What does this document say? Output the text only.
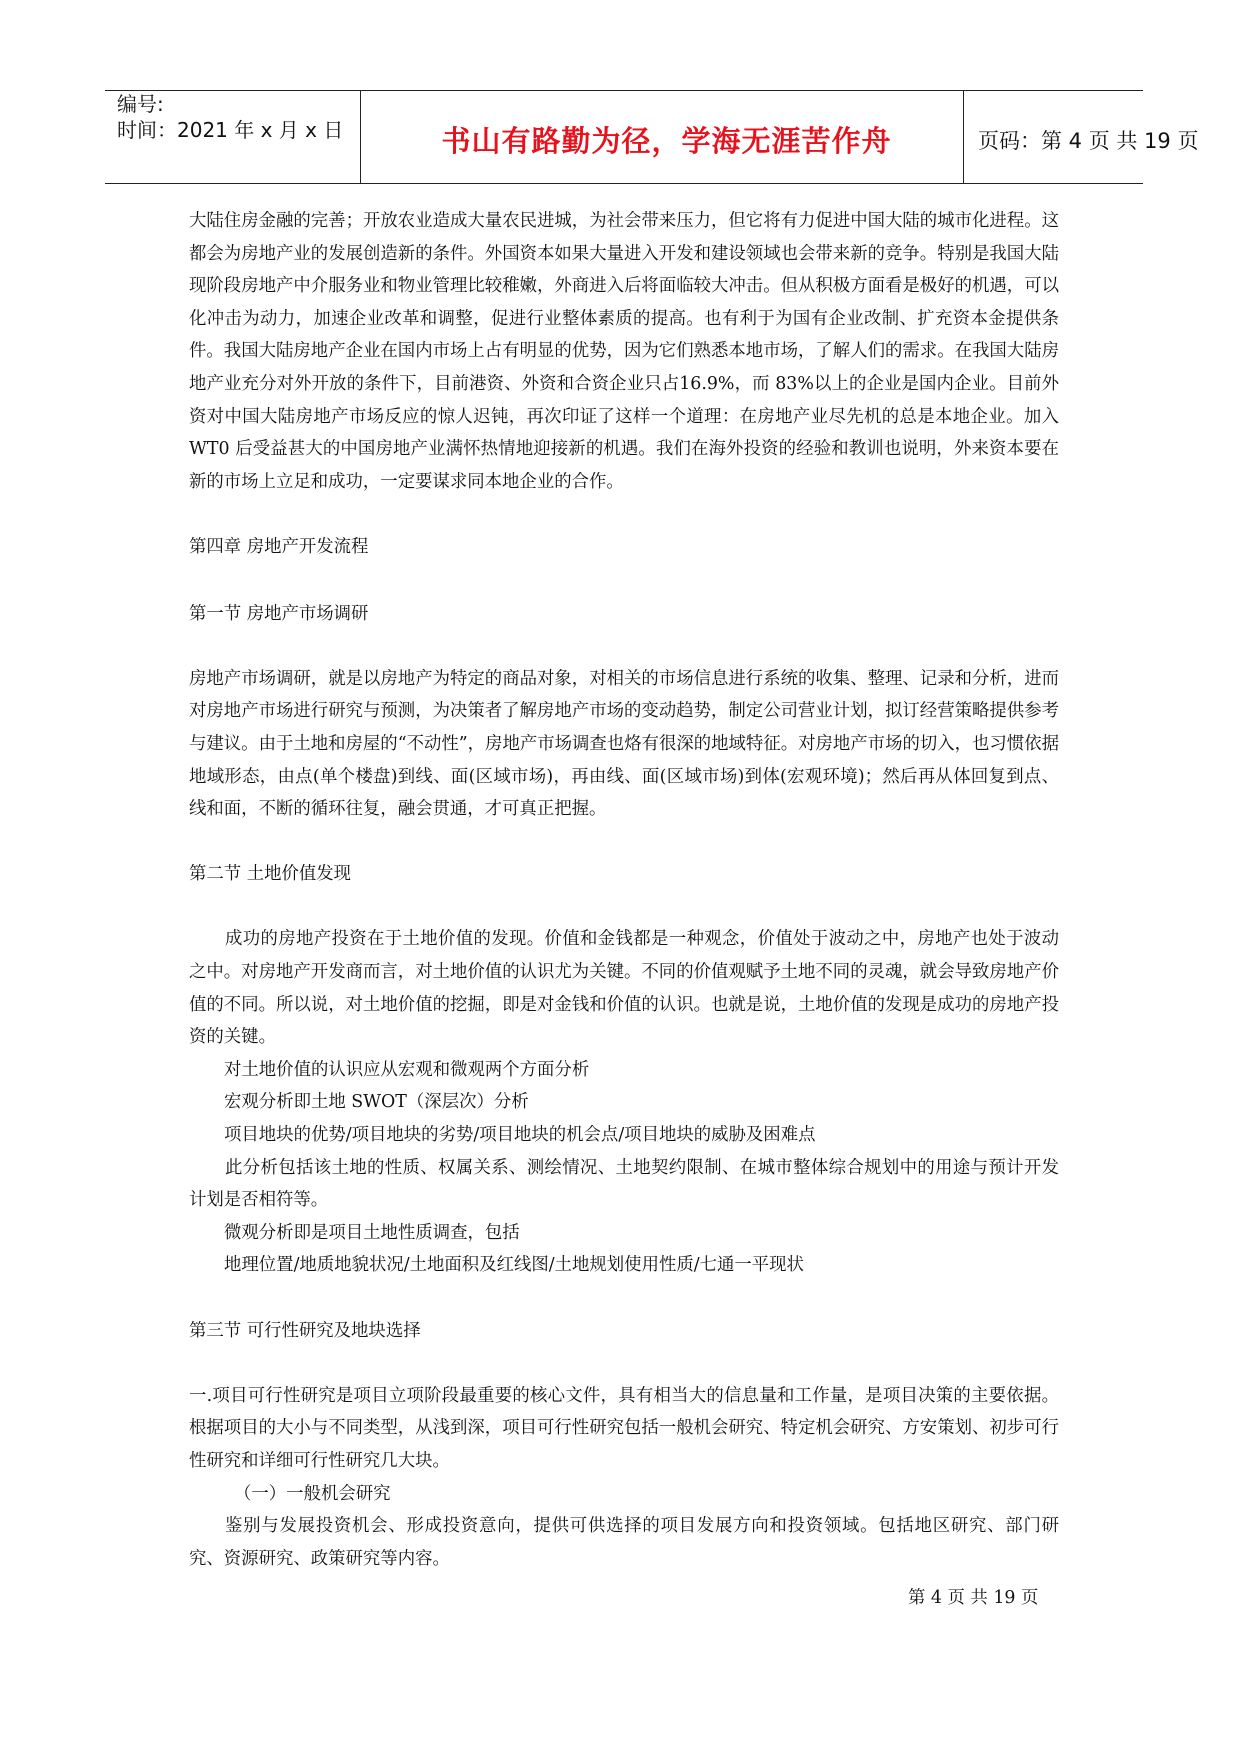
编号:
时间：2021 年 x 月 x 日	书山有路勤为径，学海无涯苦作舟	页码：第 4 页 共 19 页

大陆住房金融的完善；开放农业造成大量农民进城，为社会带来压力，但它将有力促进中国大陆的城市化进程。这都会为房地产业的发展创造新的条件。外国资本如果大量进入开发和建设领域也会带来新的竞争。特别是我国大陆现阶段房地产中介服务业和物业管理比较稚嫩，外商进入后将面临较大冲击。但从积极方面看是极好的机遇，可以化冲击为动力，加速企业改革和调整，促进行业整体素质的提高。也有利于为国有企业改制、扩充资本金提供条件。我国大陆房地产企业在国内市场上占有明显的优势，因为它们熟悉本地市场，了解人们的需求。在我国大陆房地产业充分对外开放的条件下，目前港资、外资和合资企业只占16.9%，而 83%以上的企业是国内企业。目前外资对中国大陆房地产市场反应的惊人迟钝，再次印证了这样一个道理：在房地产业尽先机的总是本地企业。加入 WT0 后受益甚大的中国房地产业满怀热情地迎接新的机遇。我们在海外投资的经验和教训也说明，外来资本要在新的市场上立足和成功，一定要谋求同本地企业的合作。

第四章 房地产开发流程

第一节 房地产市场调研

房地产市场调研，就是以房地产为特定的商品对象，对相关的市场信息进行系统的收集、整理、记录和分析，进而对房地产市场进行研究与预测，为决策者了解房地产市场的变动趋势，制定公司营业计划，拟订经营策略提供参考与建议。由于土地和房屋的“不动性”，房地产市场调查也烙有很深的地域特征。对房地产市场的切入，也习惯依据地域形态，由点(单个楼盘)到线、面(区域市场)，再由线、面(区域市场)到体(宏观环境)；然后再从体回复到点、线和面，不断的循环往复，融会贯通，才可真正把握。

第二节 土地价值发现

成功的房地产投资在于土地价值的发现。价值和金钱都是一种观念，价值处于波动之中，房地产也处于波动之中。对房地产开发商而言，对土地价值的认识尤为关键。不同的价值观赋予土地不同的灵魂，就会导致房地产价值的不同。所以说，对土地价值的挖掘，即是对金钱和价值的认识。也就是说，土地价值的发现是成功的房地产投资的关键。

对土地价值的认识应从宏观和微观两个方面分析

宏观分析即土地 SWOT（深层次）分析

项目地块的优势/项目地块的劣势/项目地块的机会点/项目地块的威胁及困难点

此分析包括该土地的性质、权属关系、测绘情况、土地契约限制、在城市整体综合规划中的用途与预计开发计划是否相符等。

微观分析即是项目土地性质调查，包括

地理位置/地质地貌状况/土地面积及红线图/土地规划使用性质/七通一平现状

第三节 可行性研究及地块选择

一.项目可行性研究是项目立项阶段最重要的核心文件，具有相当大的信息量和工作量，是项目决策的主要依据。根据项目的大小与不同类型，从浅到深，项目可行性研究包括一般机会研究、特定机会研究、方安策划、初步可行性研究和详细可行性研究几大块。

（一）一般机会研究

鉴别与发展投资机会、形成投资意向，提供可供选择的项目发展方向和投资领域。包括地区研究、部门研究、资源研究、政策研究等内容。

第 4 页 共 19 页
